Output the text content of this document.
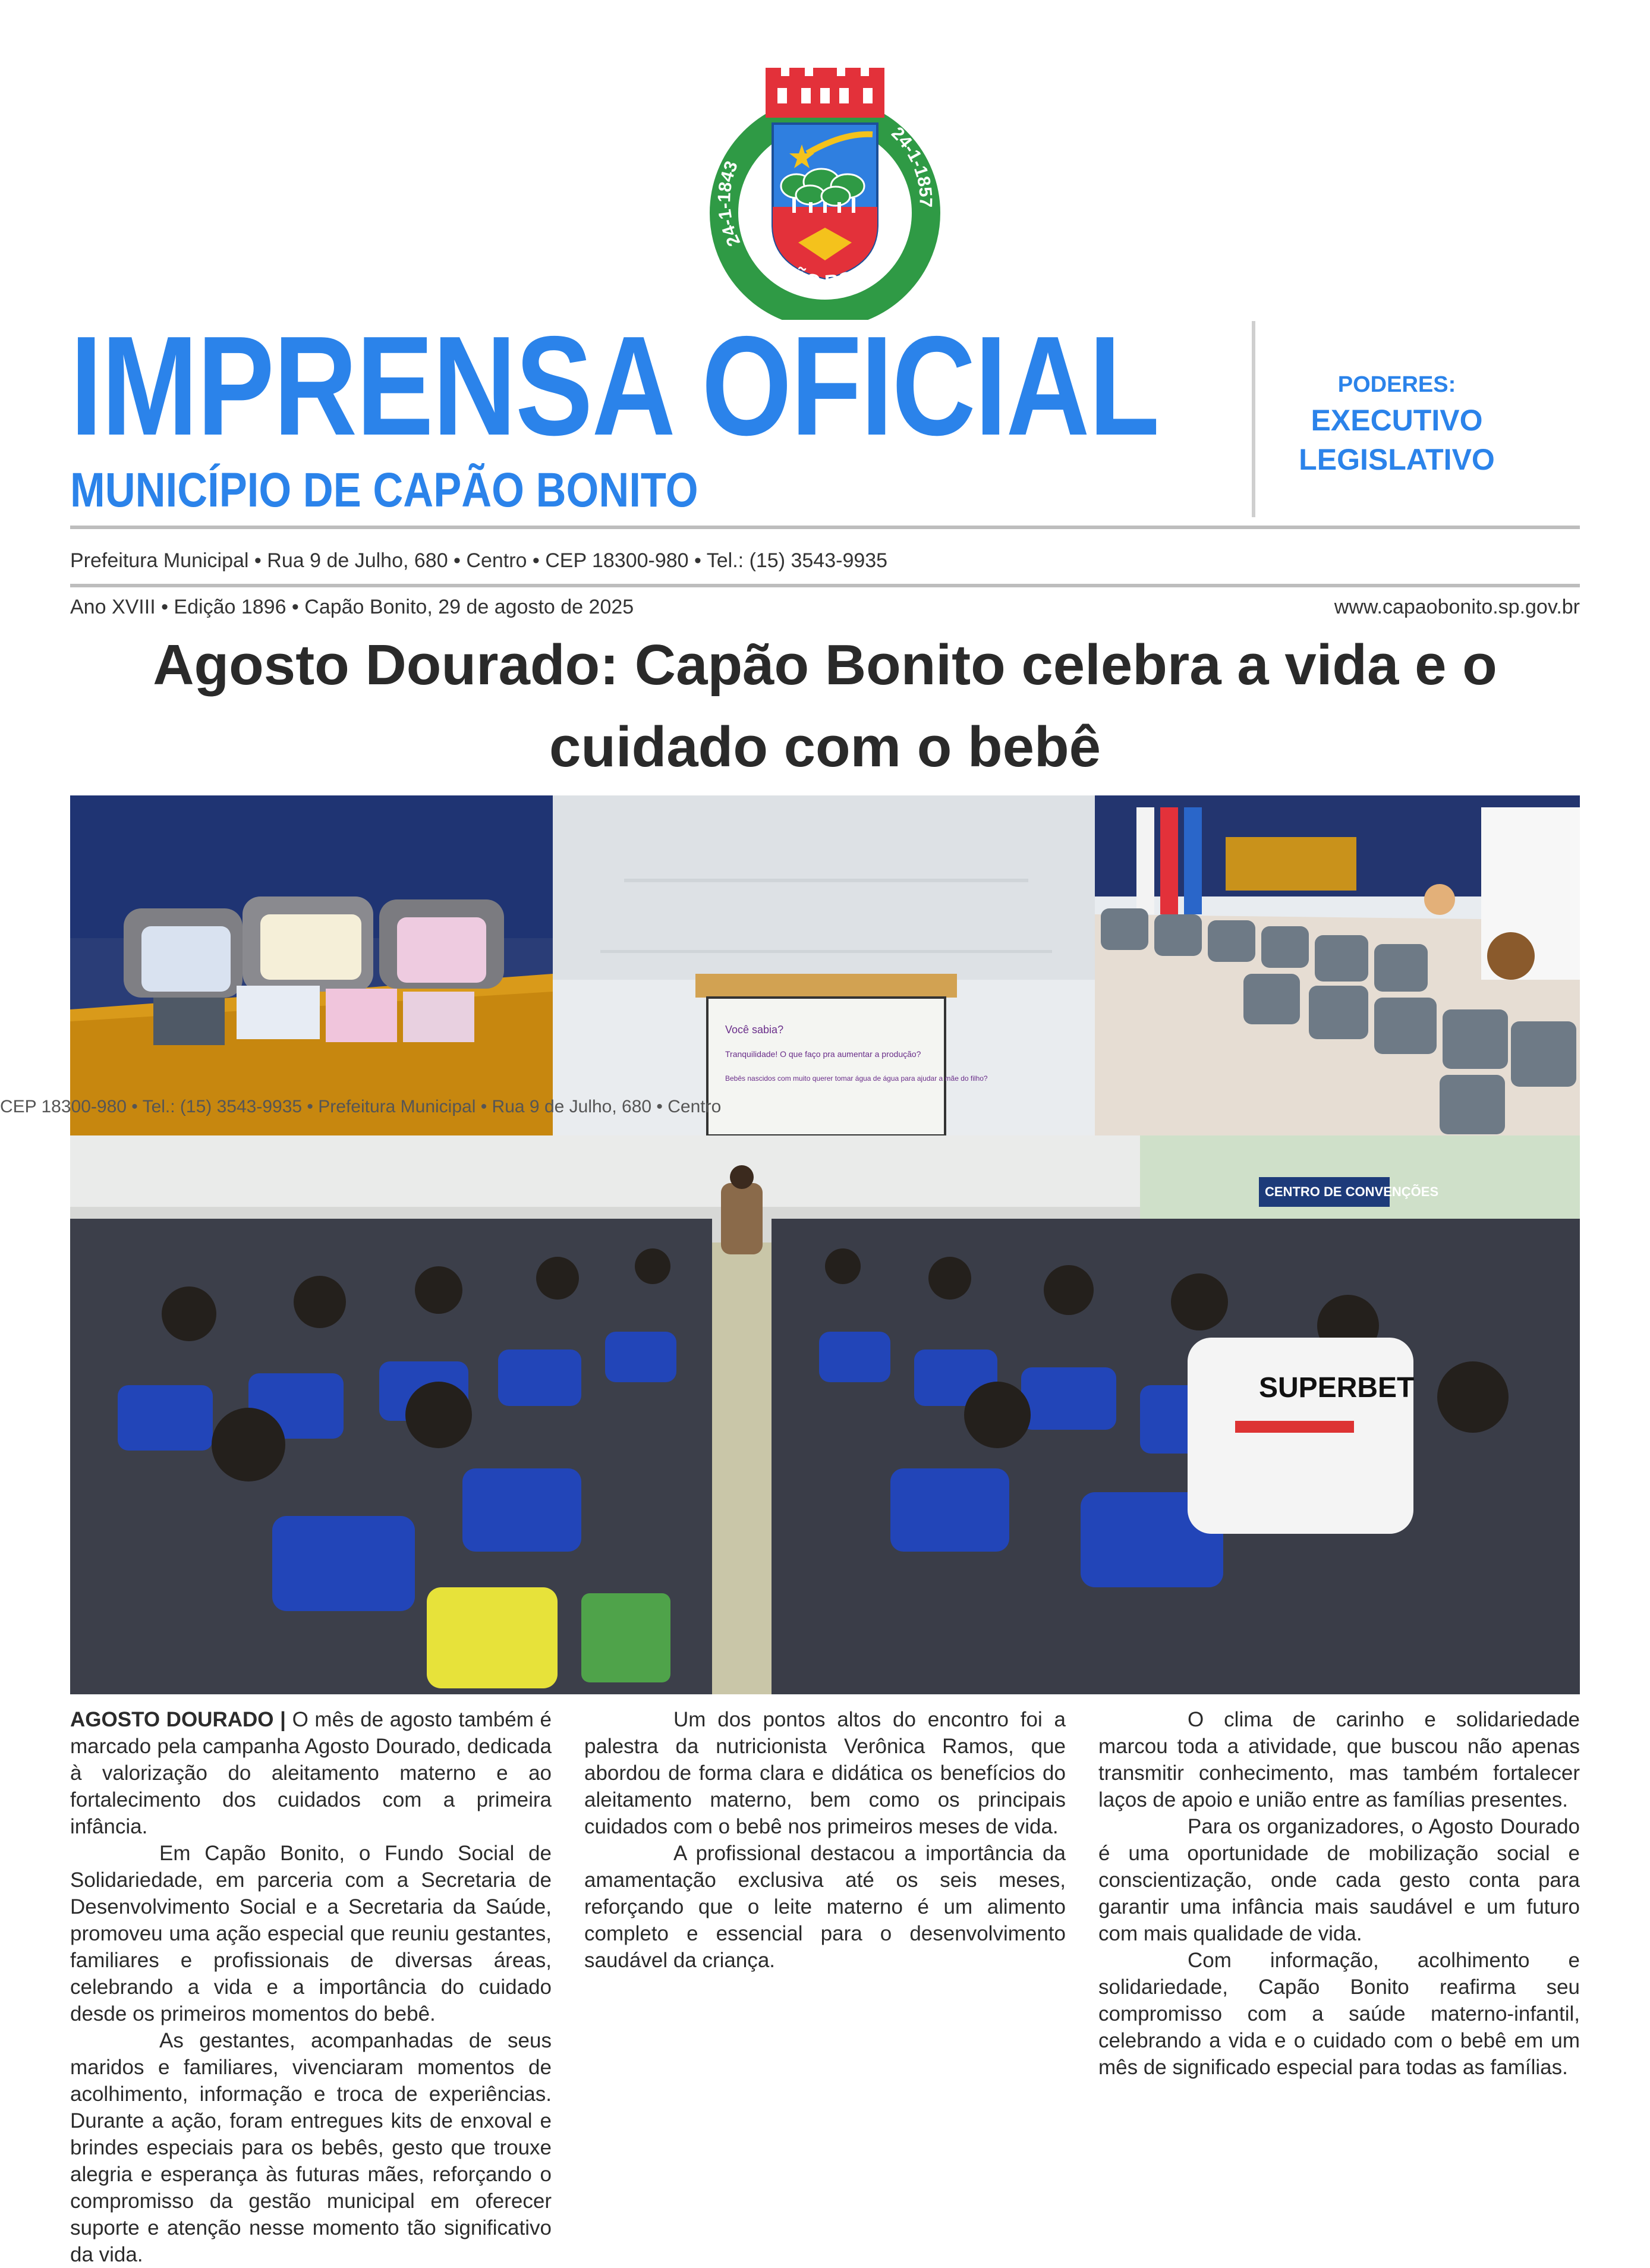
24-1-1843
24-1-1857
CAPÃO BONITO
IMPRENSA OFICIAL
MUNICÍPIO DE CAPÃO BONITO
PODERES:
EXECUTIVO
LEGISLATIVO
Prefeitura Municipal • Rua 9 de Julho, 680 • Centro • CEP 18300-980 • Tel.: (15) 3543-9935
Ano XVIII • Edição 1896 • Capão Bonito, 29 de agosto de 2025	www.capaobonito.sp.gov.br
Agosto Dourado: Capão Bonito celebra a vida e o cuidado com o bebê
Você sabia?
Tranquilidade! O que faço pra aumentar a produção?
Bebês nascidos com muito querer tomar água de água para ajudar a mãe do filho?
SUPERBET
CENTRO DE CONVENÇÕES
CEP 18300-980 • Tel.: (15) 3543-9935 • Prefeitura Municipal • Rua 9 de Julho, 680 • Centro

AGOSTO DOURADO | O mês de agosto também é marcado pela campanha Agosto Dourado, dedicada à valorização do aleitamento materno e ao fortalecimento dos cuidados com a primeira infância.

Em Capão Bonito, o Fundo Social de Solidariedade, em parceria com a Secretaria de Desenvolvimento Social e a Secretaria da Saúde, promoveu uma ação especial que reuniu gestantes, familiares e profissionais de diversas áreas, celebrando a vida e a importância do cuidado desde os primeiros momentos do bebê.

As gestantes, acompanhadas de seus maridos e familiares, vivenciaram momentos de acolhimento, informação e troca de experiências. Durante a ação, foram entregues kits de enxoval e brindes especiais para os bebês, gesto que trouxe alegria e esperança às futuras mães, reforçando o compromisso da gestão municipal em oferecer suporte e atenção nesse momento tão significativo da vida.

Um dos pontos altos do encontro foi a palestra da nutricionista Verônica Ramos, que abordou de forma clara e didática os benefícios do aleitamento materno, bem como os principais cuidados com o bebê nos primeiros meses de vida.

A profissional destacou a importância da amamentação exclusiva até os seis meses, reforçando que o leite materno é um alimento completo e essencial para o desenvolvimento saudável da criança.

O clima de carinho e solidariedade marcou toda a atividade, que buscou não apenas transmitir conhecimento, mas também fortalecer laços de apoio e união entre as famílias presentes.

Para os organizadores, o Agosto Dourado é uma oportunidade de mobilização social e conscientização, onde cada gesto conta para garantir uma infância mais saudável e um futuro com mais qualidade de vida.

Com informação, acolhimento e solidariedade, Capão Bonito reafirma seu compromisso com a saúde materno-infantil, celebrando a vida e o cuidado com o bebê em um mês de significado especial para todas as famílias.
